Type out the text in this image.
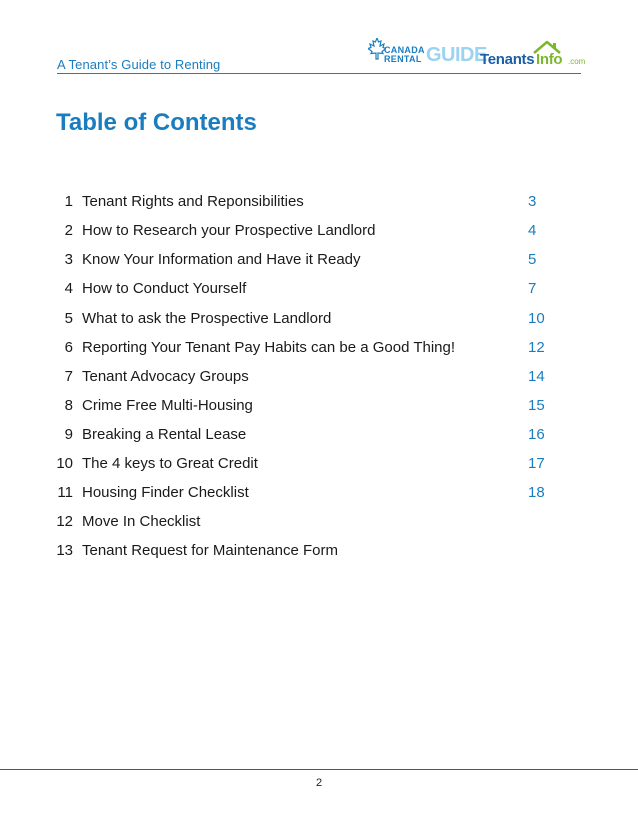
A Tenant’s Guide to Renting
CANADA
RENTAL GUIDE
Tenants Info .com
Table of Contents
1 Tenant Rights and Reponsibilities	3
2 How to Research your Prospective Landlord	4
3 Know Your Information and Have it Ready	5
4 How to Conduct Yourself	7
5 What to ask the Prospective Landlord	10
6 Reporting Your Tenant Pay Habits can be a Good Thing!	12
7 Tenant Advocacy Groups	14
8 Crime Free Multi-Housing	15
9 Breaking a Rental Lease	16
10 The 4 keys to Great Credit	17
11 Housing Finder Checklist	18
12 Move In Checklist
13 Tenant Request for Maintenance Form
2
